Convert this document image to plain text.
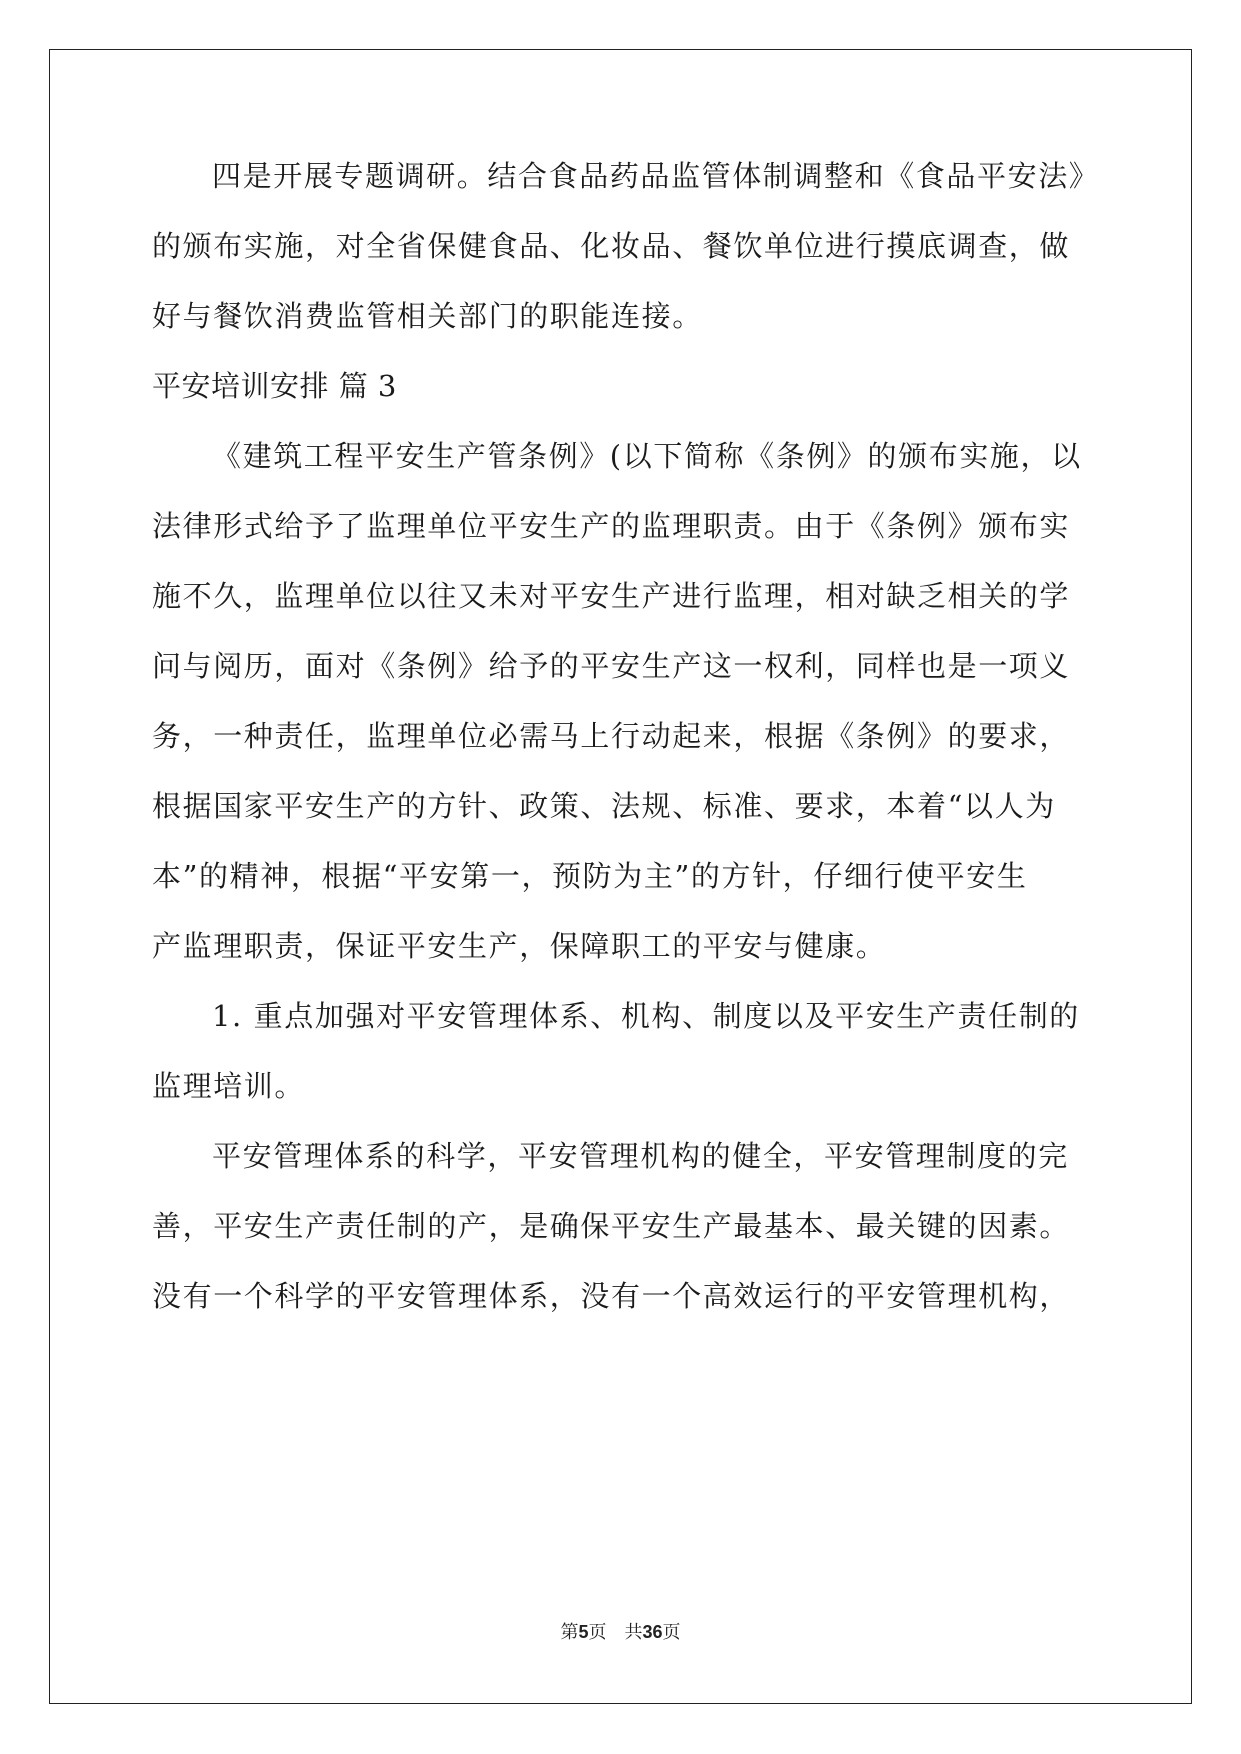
四是开展专题调研。结合食品药品监管体制调整和《食品平安法》
的颁布实施，对全省保健食品、化妆品、餐饮单位进行摸底调查，做
好与餐饮消费监管相关部门的职能连接。
平安培训安排 篇 3
《建筑工程平安生产管条例》(以下简称《条例》的颁布实施，以
法律形式给予了监理单位平安生产的监理职责。由于《条例》颁布实
施不久，监理单位以往又未对平安生产进行监理，相对缺乏相关的学
问与阅历，面对《条例》给予的平安生产这一权利，同样也是一项义
务，一种责任，监理单位必需马上行动起来，根据《条例》的要求，
根据国家平安生产的方针、政策、法规、标准、要求，本着“以人为
本”的精神，根据“平安第一，预防为主”的方针，仔细行使平安生
产监理职责，保证平安生产，保障职工的平安与健康。
1. 重点加强对平安管理体系、机构、制度以及平安生产责任制的
监理培训。
平安管理体系的科学，平安管理机构的健全，平安管理制度的完
善，平安生产责任制的产，是确保平安生产最基本、最关键的因素。
没有一个科学的平安管理体系，没有一个高效运行的平安管理机构，
第5页 共36页
